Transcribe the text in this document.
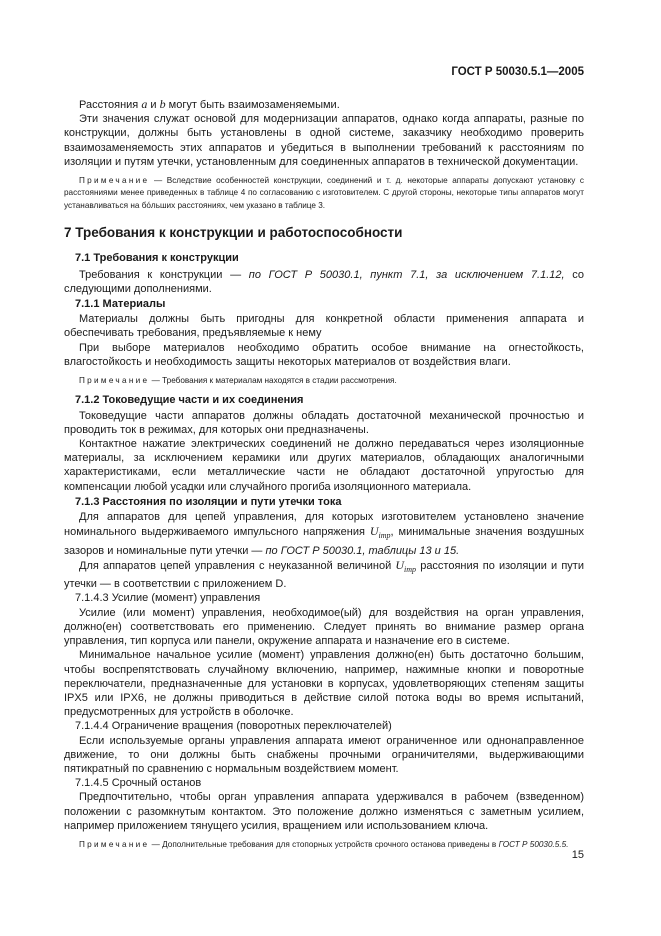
ГОСТ Р 50030.5.1—2005

Расстояния a и b могут быть взаимозаменяемыми.

Эти значения служат основой для модернизации аппаратов, однако когда аппараты, разные по конструкции, должны быть установлены в одной системе, заказчику необходимо проверить взаимозаменяемость этих аппаратов и убедиться в выполнении требований к расстояниям по изоляции и путям утечки, установленным для соединенных аппаратов в технической документации.

Примечание — Вследствие особенностей конструкции, соединений и т. д. некоторые аппараты допускают установку с расстояниями менее приведенных в таблице 4 по согласованию с изготовителем. С другой стороны, некоторые типы аппаратов могут устанавливаться на бо́льших расстояниях, чем указано в таблице 3.

7 Требования к конструкции и работоспособности

7.1 Требования к конструкции

Требования к конструкции — по ГОСТ Р 50030.1, пункт 7.1, за исключением 7.1.12, со следующими дополнениями.

7.1.1 Материалы

Материалы должны быть пригодны для конкретной области применения аппарата и обеспечивать требования, предъявляемые к нему

При выборе материалов необходимо обратить особое внимание на огнестойкость, влагостойкость и необходимость защиты некоторых материалов от воздействия влаги.

Примечание — Требования к материалам находятся в стадии рассмотрения.

7.1.2 Токоведущие части и их соединения

Токоведущие части аппаратов должны обладать достаточной механической прочностью и проводить ток в режимах, для которых они предназначены.

Контактное нажатие электрических соединений не должно передаваться через изоляционные материалы, за исключением керамики или других материалов, обладающих аналогичными характеристиками, если металлические части не обладают достаточной упругостью для компенсации любой усадки или случайного прогиба изоляционного материала.

7.1.3 Расстояния по изоляции и пути утечки тока

Для аппаратов для цепей управления, для которых изготовителем установлено значение номинального выдерживаемого импульсного напряжения $U_{imp}$, минимальные значения воздушных зазоров и номинальные пути утечки — по ГОСТ Р 50030.1, таблицы 13 и 15.

Для аппаратов цепей управления с неуказанной величиной $U_{imp}$ расстояния по изоляции и пути утечки — в соответствии с приложением D.

7.1.4.3 Усилие (момент) управления

Усилие (или момент) управления, необходимое(ый) для воздействия на орган управления, должно(ен) соответствовать его применению. Следует принять во внимание размер органа управления, тип корпуса или панели, окружение аппарата и назначение его в системе.

Минимальное начальное усилие (момент) управления должно(ен) быть достаточно большим, чтобы воспрепятствовать случайному включению, например, нажимные кнопки и поворотные переключатели, предназначенные для установки в корпусах, удовлетворяющих степеням защиты IPX5 или IPX6, не должны приводиться в действие силой потока воды во время испытаний, предусмотренных для устройств в оболочке.

7.1.4.4 Ограничение вращения (поворотных переключателей)

Если используемые органы управления аппарата имеют ограниченное или однонаправленное движение, то они должны быть снабжены прочными ограничителями, выдерживающими пятикратный по сравнению с нормальным воздействием момент.

7.1.4.5 Срочный останов

Предпочтительно, чтобы орган управления аппарата удерживался в рабочем (взведенном) положении с разомкнутым контактом. Это положение должно изменяться с заметным усилием, например приложением тянущего усилия, вращением или использованием ключа.

Примечание — Дополнительные требования для стопорных устройств срочного останова приведены в ГОСТ Р 50030.5.5.

15
